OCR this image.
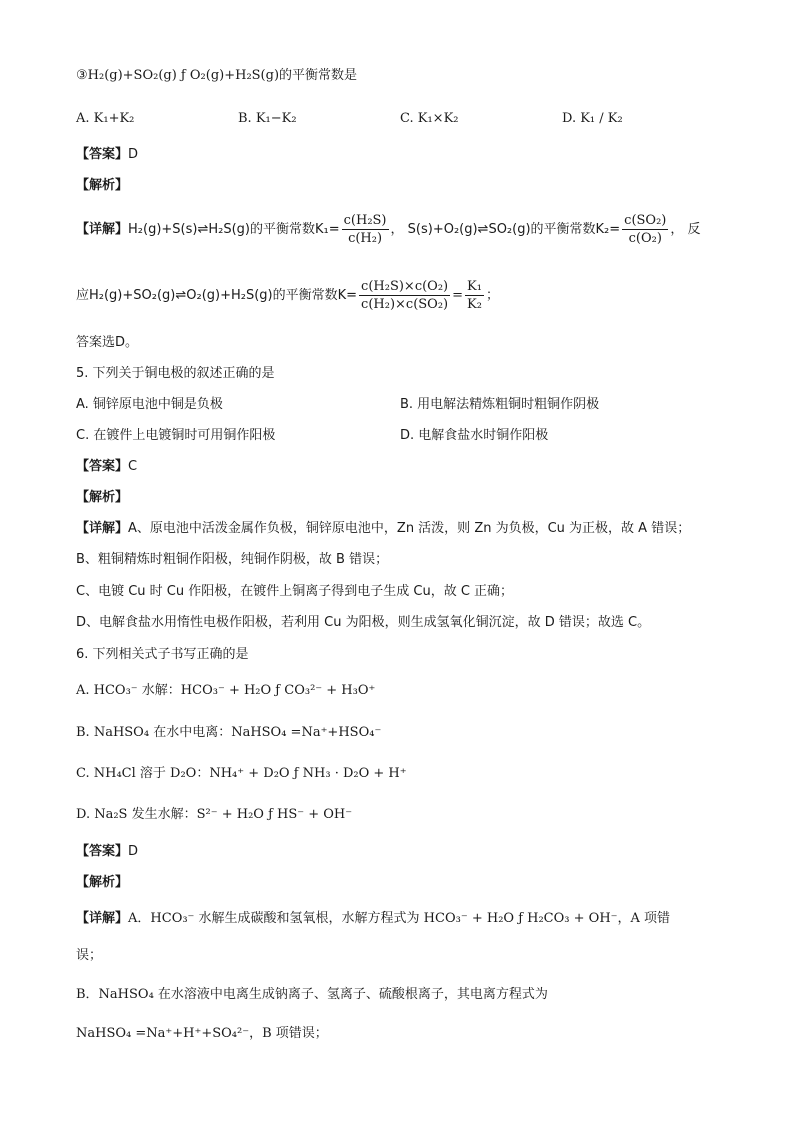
③H₂(g)+SO₂(g) ƒ O₂(g)+H₂S(g)的平衡常数是
A. K₁+K₂	B. K₁−K₂	C. K₁×K₂	D. K₁ / K₂
【答案】D
【解析】
【详解】H₂(g)+S(s)⇌H₂S(g)的平衡常数$K_1= \frac{\text{c(H₂S)}}{\text{c(H₂)}}$ ， S(s)+O₂(g)⇌SO₂(g)的平衡常数$K_2= \frac{\text{c(SO₂)}}{\text{c(O₂)}}$ ， 反
应H₂(g)+SO₂(g)⇌O₂(g)+H₂S(g)的平衡常数$K= \frac{\text{c(H₂S)×c(O₂)}}{\text{c(H₂)×c(SO₂)}} = \frac{\text{K₁}}{\text{K₂}}$ ；
答案选D。
5. 下列关于铜电极的叙述正确的是
A. 铜锌原电池中铜是负极	B. 用电解法精炼粗铜时粗铜作阴极
C. 在镀件上电镀铜时可用铜作阳极	D. 电解食盐水时铜作阳极
【答案】C
【解析】
【详解】A、原电池中活泼金属作负极，铜锌原电池中，Zn 活泼，则 Zn 为负极，Cu 为正极，故 A 错误；
B、粗铜精炼时粗铜作阳极，纯铜作阴极，故 B 错误；
C、电镀 Cu 时 Cu 作阳极，在镀件上铜离子得到电子生成 Cu，故 C 正确；
D、电解食盐水用惰性电极作阳极，若利用 Cu 为阳极，则生成氢氧化铜沉淀，故 D 错误；故选 C。
6. 下列相关式子书写正确的是
A. HCO₃⁻ 水解：HCO₃⁻ + H₂O ƒ CO₃²⁻ + H₃O⁺
B. NaHSO₄ 在水中电离：NaHSO₄ =Na⁺+HSO₄⁻
C. NH₄Cl 溶于 D₂O：NH₄⁺ + D₂O ƒ NH₃ · D₂O + H⁺
D. Na₂S 发生水解：S²⁻ + H₂O ƒ HS⁻ + OH⁻
【答案】D
【解析】
【详解】A．HCO₃⁻ 水解生成碳酸和氢氧根，水解方程式为 HCO₃⁻ + H₂O ƒ H₂CO₃ + OH⁻，A 项错
误；
B．NaHSO₄ 在水溶液中电离生成钠离子、氢离子、硫酸根离子，其电离方程式为
NaHSO₄ =Na⁺+H⁺+SO₄²⁻，B 项错误；
